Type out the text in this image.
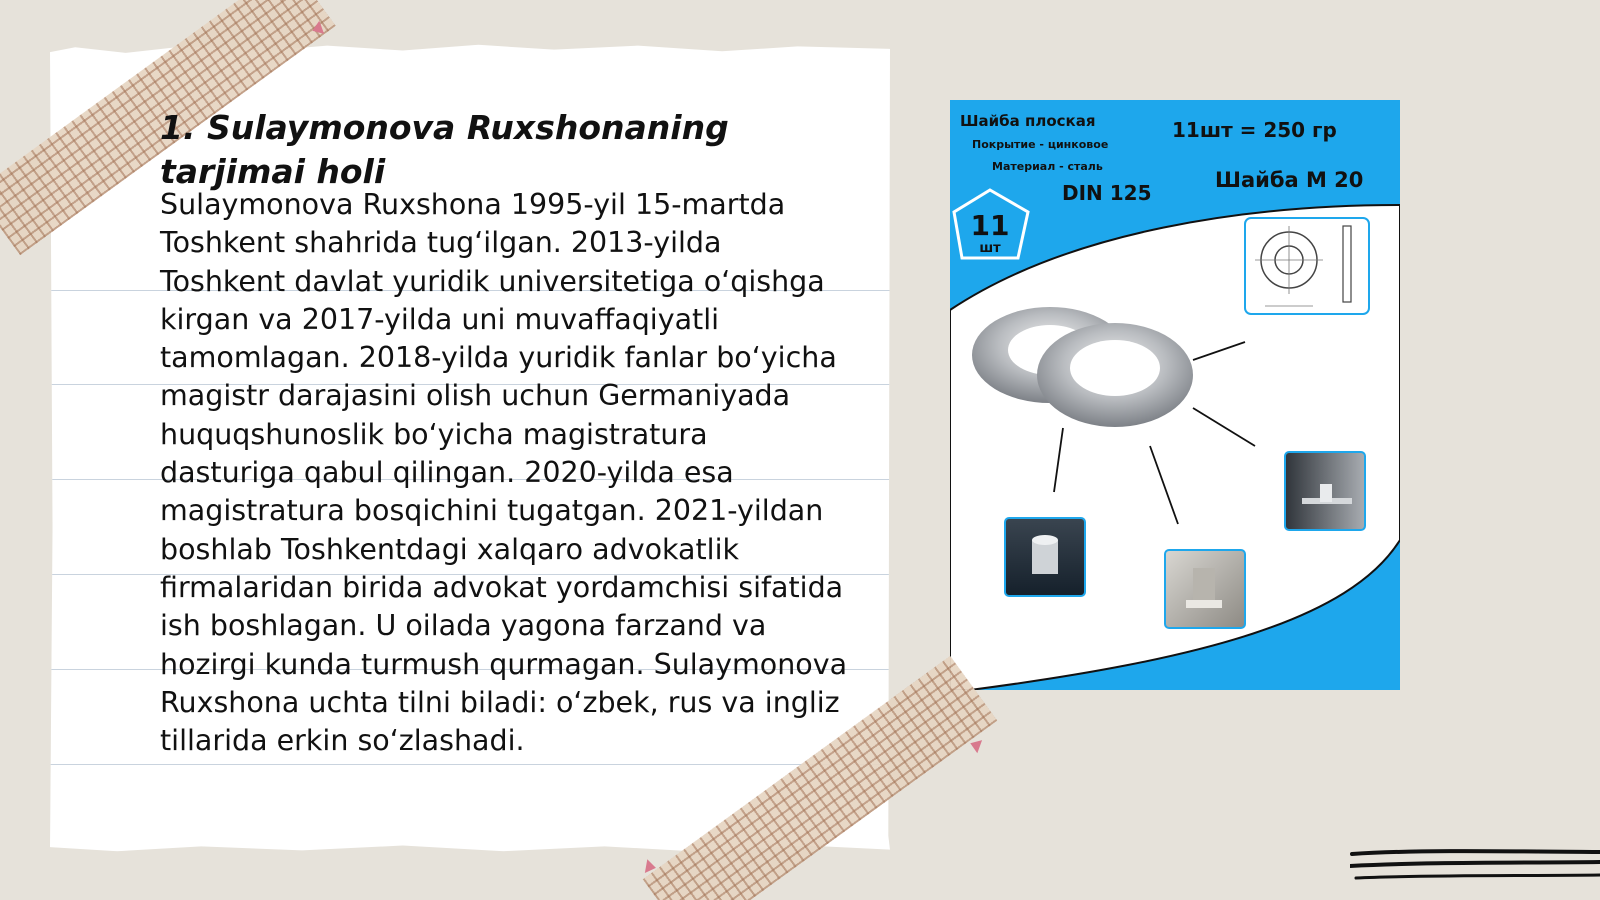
1. Sulaymonova Ruxshonaning tarjimai holi

Sulaymonova Ruxshona 1995-yil 15-martda Toshkent shahrida tug‘ilgan. 2013-yilda Toshkent davlat yuridik universitetiga o‘qishga kirgan va 2017-yilda uni muvaffaqiyatli tamomlagan. 2018-yilda yuridik fanlar bo‘yicha magistr darajasini olish uchun Germaniyada huquqshunoslik bo‘yicha magistratura dasturiga qabul qilingan. 2020-yilda esa magistratura bosqichini tugatgan. 2021-yildan boshlab Toshkentdagi xalqaro advokatlik firmalaridan birida advokat yordamchisi sifatida ish boshlagan. U oilada yagona farzand va hozirgi kunda turmush qurmagan. Sulaymonova Ruxshona uchta tilni biladi: o‘zbek, rus va ingliz tillarida erkin so‘zlashadi.

Шайба плоская
Покрытие - цинковое
Материал - сталь
DIN 125
11шт = 250 гр
Шайба М 20
11
шт
